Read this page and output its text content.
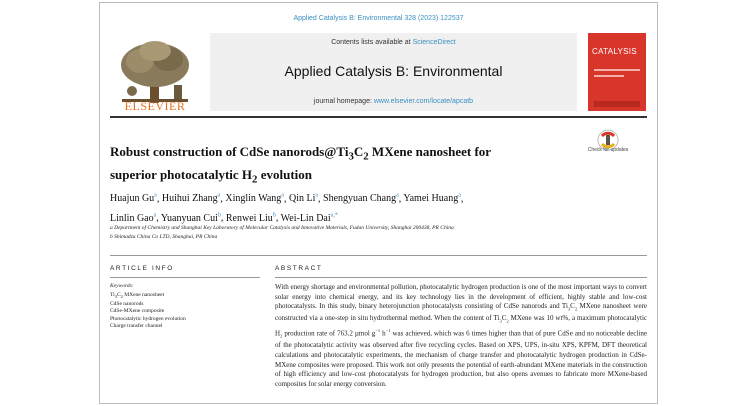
Applied Catalysis B: Environmental 328 (2023) 122537
ELSEVIER
Contents lists available at ScienceDirect
Applied Catalysis B: Environmental
journal homepage: www.elsevier.com/locate/apcatb
CATALYSIS
Check for updates
Robust construction of CdSe $nanorods@Ti_3C_2$ MXene nanosheet for
superior photocatalytic $H_2$ evolution
Huajun Gu$^a$, Huihui Zhang$^a$, Xinglin Wang$^a$, Qin Li$^a$, Shengyuan Chang$^a$, Yamei Huang$^a$,
Linlin Gao$^a$, Yuanyuan Cui$^b$, Renwei Liu$^b$, Wei-Lin Dai$^{a,*}$
a Department of Chemistry and Shanghai Key Laboratory of Molecular Catalysis and Innovative Materials, Fudan University, Shanghai 200438, PR China
b Shimadzu China Co LTD, Shanghai, PR China
ARTICLE INFO	ABSTRACT
Keywords:
$Ti_3C_2$ MXene nanosheet
CdSe nanorods
CdSe-MXene composite
Photocatalytic hydrogen evolution
Charge transfer channel
With energy shortage and environmental pollution, photocatalytic hydrogen production is one of the most important ways to convert solar energy into chemical energy, and its key technology lies in the development of efficient, highly stable and low-cost photocatalysts. In this study, binary heterojunction photocatalysts consisting of CdSe nanorods and $Ti_3C_2$ MXene nanosheet were constructed via a one-step in situ hydrothermal method. When the content of $Ti_3C_2$ MXene was 10 wt%, a maximum photocatalytic $H_2$ production rate of 763.2 µmol $g^{-1}$ $h^{-1}$ was achieved, which was 6 times higher than that of pure CdSe and no noticeable decline of the photocatalytic activity was observed after five recycling cycles. Based on XPS, UPS, in-situ XPS, KPFM, DFT theoretical calculations and photocatalytic experiments, the mechanism of charge transfer and photocatalytic hydrogen production in CdSe-MXene composites were proposed. This work not only presents the potential of earth-abundant MXene materials in the construction of high efficiency and low-cost photocatalysts for hydrogen production, but also opens avenues to fabricate more MXene-based composites for solar energy conversion.
